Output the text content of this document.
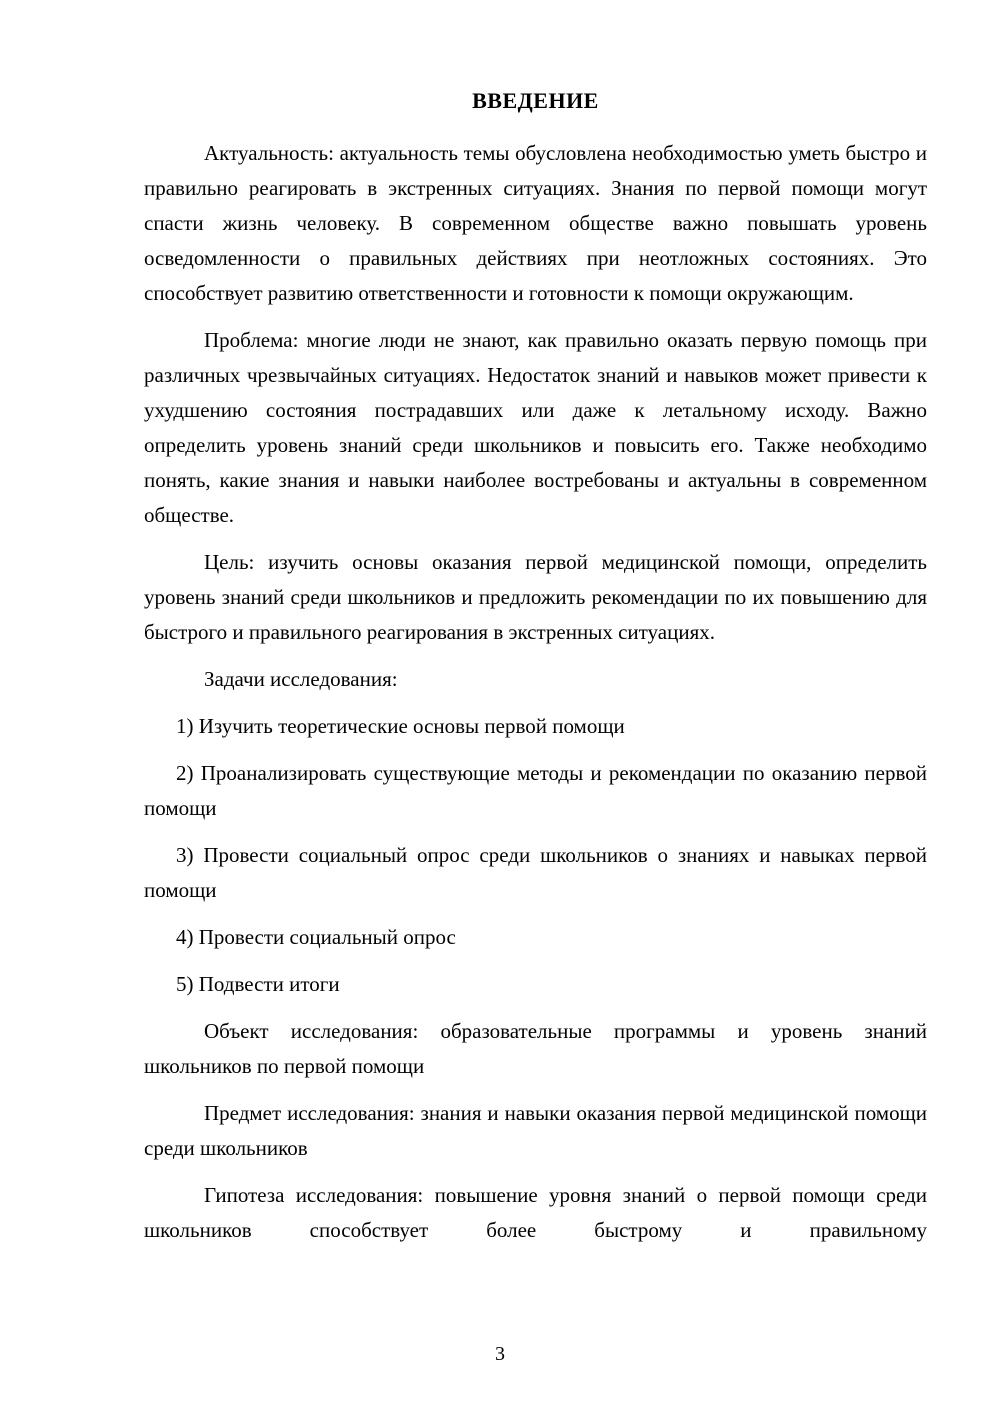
ВВЕДЕНИЕ

Актуальность: актуальность темы обусловлена необходимостью уметь быстро и правильно реагировать в экстренных ситуациях. Знания по первой помощи могут спасти жизнь человеку. В современном обществе важно повышать уровень осведомленности о правильных действиях при неотложных состояниях. Это способствует развитию ответственности и готовности к помощи окружающим.

Проблема: многие люди не знают, как правильно оказать первую помощь при различных чрезвычайных ситуациях. Недостаток знаний и навыков может привести к ухудшению состояния пострадавших или даже к летальному исходу. Важно определить уровень знаний среди школьников и повысить его. Также необходимо понять, какие знания и навыки наиболее востребованы и актуальны в современном обществе.

Цель: изучить основы оказания первой медицинской помощи, определить уровень знаний среди школьников и предложить рекомендации по их повышению для быстрого и правильного реагирования в экстренных ситуациях.

Задачи исследования:

1) Изучить теоретические основы первой помощи

2) Проанализировать существующие методы и рекомендации по оказанию первой помощи

3) Провести социальный опрос среди школьников о знаниях и навыках первой помощи

4) Провести социальный опрос

5) Подвести итоги

Объект исследования: образовательные программы и уровень знаний школьников по первой помощи

Предмет исследования: знания и навыки оказания первой медицинской помощи среди школьников

Гипотеза исследования: повышение уровня знаний о первой помощи среди школьников способствует более быстрому и правильному

3
